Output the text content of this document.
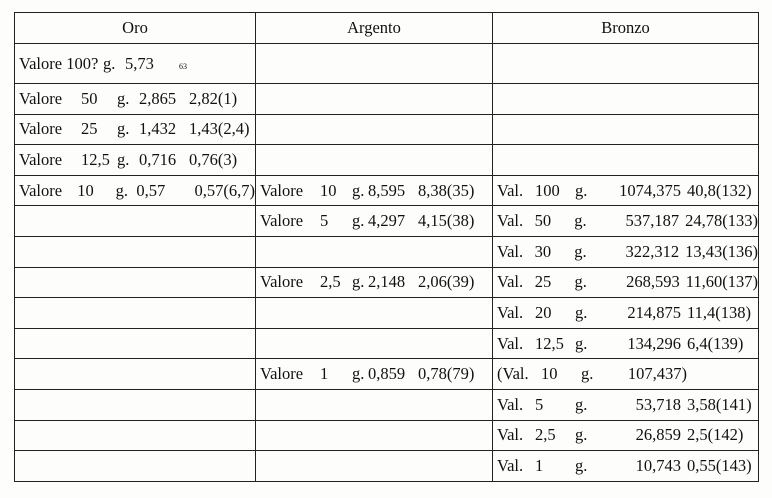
Oro	Argento	Bronzo

Valore 100? g. 5,73 63		

Valore 50 g. 2,865 2,82(1)		

Valore 25 g. 1,432 1,43(2,4)		

Valore 12,5 g. 0,716 0,76(3)		

Valore 10 g. 0,57 0,57(6,7)	Valore 10 g. 8,595 8,38(35)	Val. 100 g. 1074,375 40,8(132)

	Valore 5 g. 4,297 4,15(38)	Val. 50 g. 537,187 24,78(133)

		Val. 30 g. 322,312 13,43(136)

	Valore 2,5 g. 2,148 2,06(39)	Val. 25 g. 268,593 11,60(137)

		Val. 20 g. 214,875 11,4(138)

		Val. 12,5 g. 134,296 6,4(139)

	Valore 1 g. 0,859 0,78(79)	(Val. 10 g. 107,437)

		Val. 5 g. 53,718 3,58(141)

		Val. 2,5 g. 26,859 2,5(142)

		Val. 1 g. 10,743 0,55(143)
